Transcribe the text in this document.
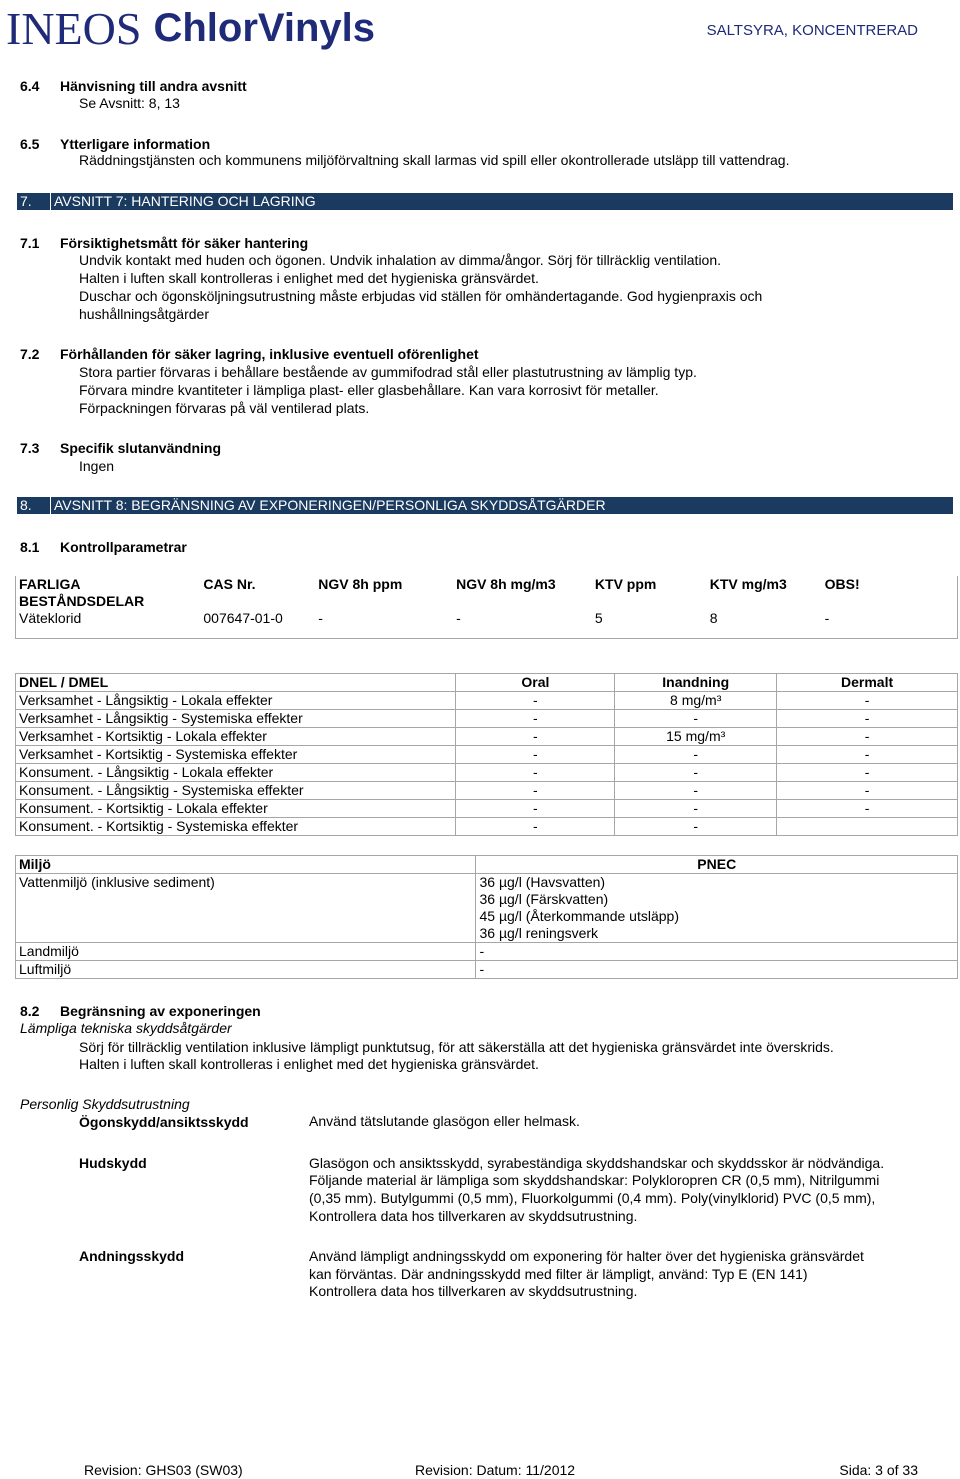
INEOS ChlorVinyls	SALTSYRA, KONCENTRERAD
6.4 Hänvisning till andra avsnitt
Se Avsnitt: 8, 13
6.5 Ytterligare information
Räddningstjänsten och kommunens miljöförvaltning skall larmas vid spill eller okontrollerade utsläpp till vattendrag.
7. AVSNITT 7: HANTERING OCH LAGRING
7.1 Försiktighetsmått för säker hantering
Undvik kontakt med huden och ögonen. Undvik inhalation av dimma/ångor. Sörj för tillräcklig ventilation.
Halten i luften skall kontrolleras i enlighet med det hygieniska gränsvärdet.
Duschar och ögonsköljningsutrustning måste erbjudas vid ställen för omhändertagande. God hygienpraxis och
hushållningsåtgärder
7.2 Förhållanden för säker lagring, inklusive eventuell oförenlighet
Stora partier förvaras i behållare bestående av gummifodrad stål eller plastutrustning av lämplig typ.
Förvara mindre kvantiteter i lämpliga plast- eller glasbehållare. Kan vara korrosivt för metaller.
Förpackningen förvaras på väl ventilerad plats.
7.3 Specifik slutanvändning
Ingen
8. AVSNITT 8: BEGRÄNSNING AV EXPONERINGEN/PERSONLIGA SKYDDSÅTGÄRDER
8.1 Kontrollparametrar
FARLIGA BESTÅNDSDELAR	CAS Nr.	NGV 8h ppm	NGV 8h mg/m3	KTV ppm	KTV mg/m3	OBS!
Väteklorid	007647-01-0	-	-	5	8	-
DNEL / DMEL	Oral	Inandning	Dermalt
Verksamhet - Långsiktig - Lokala effekter	-	8 mg/m³	-
Verksamhet - Långsiktig - Systemiska effekter	-	-	-
Verksamhet - Kortsiktig - Lokala effekter	-	15 mg/m³	-
Verksamhet - Kortsiktig - Systemiska effekter	-	-	-
Konsument. - Långsiktig - Lokala effekter	-	-	-
Konsument. - Långsiktig - Systemiska effekter	-	-	-
Konsument. - Kortsiktig - Lokala effekter	-	-	-
Konsument. - Kortsiktig - Systemiska effekter	-	-	
Miljö	PNEC
Vattenmiljö (inklusive sediment)	36 µg/l (Havsvatten)
36 µg/l (Färskvatten)
45 µg/l (Återkommande utsläpp)
36 µg/l reningsverk

Landmiljö	-
Luftmiljö	-
8.2 Begränsning av exponeringen
Lämpliga tekniska skyddsåtgärder
Sörj för tillräcklig ventilation inklusive lämpligt punktutsug, för att säkerställa att det hygieniska gränsvärdet inte överskrids.
Halten i luften skall kontrolleras i enlighet med det hygieniska gränsvärdet.
Personlig Skyddsutrustning
Ögonskydd/ansiktsskydd	Använd tätslutande glasögon eller helmask.
Hudskydd	Glasögon och ansiktsskydd, syrabeständiga skyddshandskar och skyddsskor är nödvändiga.
Följande material är lämpliga som skyddshandskar: Polykloropren CR (0,5 mm), Nitrilgummi
(0,35 mm). Butylgummi (0,5 mm), Fluorkolgummi (0,4 mm). Poly(vinylklorid) PVC (0,5 mm),
Kontrollera data hos tillverkaren av skyddsutrustning.
Andningsskydd	Använd lämpligt andningsskydd om exponering för halter över det hygieniska gränsvärdet
kan förväntas. Där andningsskydd med filter är lämpligt, använd: Typ E (EN 141)
Kontrollera data hos tillverkaren av skyddsutrustning.
Revision: GHS03 (SW03)	Revision: Datum: 11/2012	Sida: 3 of 33
